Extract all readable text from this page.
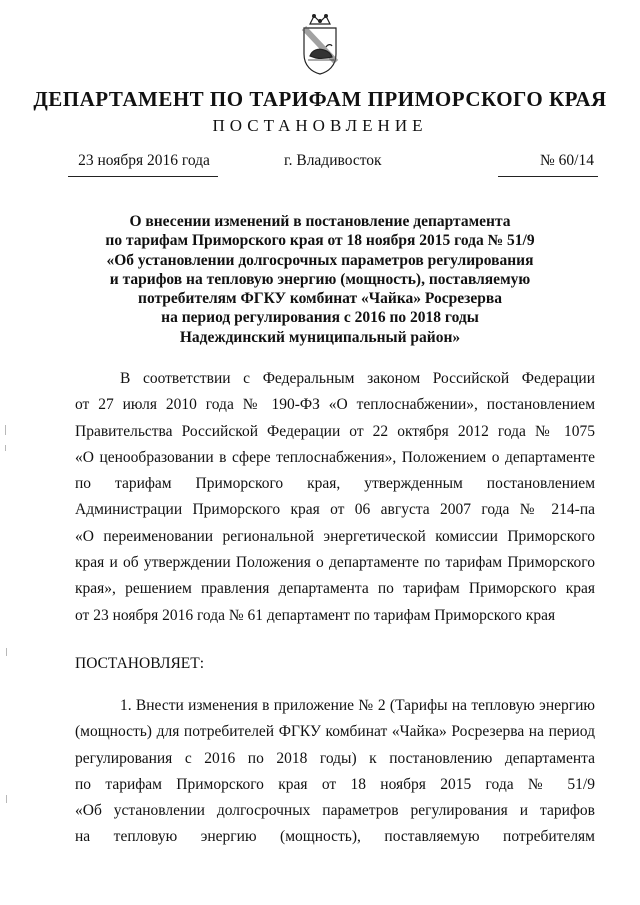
ДЕПАРТАМЕНТ ПО ТАРИФАМ ПРИМОРСКОГО КРАЯ
ПОСТАНОВЛЕНИЕ
23 ноября 2016 года	г. Владивосток	№ 60/14
О внесении изменений в постановление департамента
по тарифам Приморского края от 18 ноября 2015 года № 51/9
«Об установлении долгосрочных параметров регулирования
и тарифов на тепловую энергию (мощность), поставляемую
потребителям ФГКУ комбинат «Чайка» Росрезерва
на период регулирования с 2016 по 2018 годы
Надеждинский муниципальный район»
В соответствии с Федеральным законом Российской Федерации
от 27 июля 2010 года № 190-ФЗ «О теплоснабжении», постановлением
Правительства Российской Федерации от 22 октября 2012 года № 1075
«О ценообразовании в сфере теплоснабжения», Положением о департаменте
по тарифам Приморского края, утвержденным постановлением
Администрации Приморского края от 06 августа 2007 года № 214-па
«О переименовании региональной энергетической комиссии Приморского
края и об утверждении Положения о департаменте по тарифам Приморского
края», решением правления департамента по тарифам Приморского края
от 23 ноября 2016 года № 61 департамент по тарифам Приморского края
ПОСТАНОВЛЯЕТ:
1. Внести изменения в приложение № 2 (Тарифы на тепловую энергию
(мощность) для потребителей ФГКУ комбинат «Чайка» Росрезерва на период
регулирования с 2016 по 2018 годы) к постановлению департамента
по тарифам Приморского края от 18 ноября 2015 года № 51/9
«Об установлении долгосрочных параметров регулирования и тарифов
на тепловую энергию (мощность), поставляемую потребителям
